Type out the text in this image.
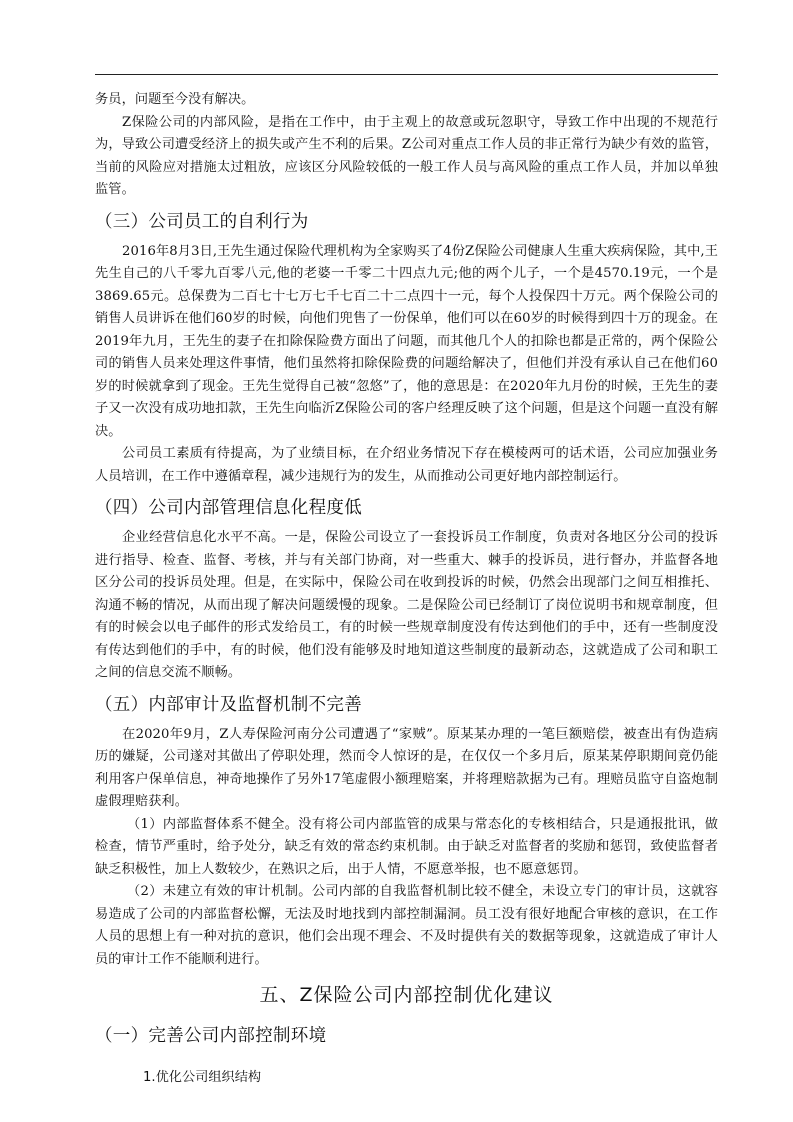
务员，问题至今没有解决。

Z保险公司的内部风险，是指在工作中，由于主观上的故意或玩忽职守，导致工作中出现的不规范行为，导致公司遭受经济上的损失或产生不利的后果。Z公司对重点工作人员的非正常行为缺少有效的监管，当前的风险应对措施太过粗放，应该区分风险较低的一般工作人员与高风险的重点工作人员，并加以单独监管。

（三）公司员工的自利行为

2016年8月3日,王先生通过保险代理机构为全家购买了4份Z保险公司健康人生重大疾病保险，其中,王先生自己的八千零九百零八元,他的老婆一千零二十四点九元;他的两个儿子，一个是4570.19元，一个是3869.65元。总保费为二百七十七万七千七百二十二点四十一元，每个人投保四十万元。两个保险公司的销售人员讲诉在他们60岁的时候，向他们兜售了一份保单，他们可以在60岁的时候得到四十万的现金。在2019年九月，王先生的妻子在扣除保险费方面出了问题，而其他几个人的扣除也都是正常的，两个保险公司的销售人员来处理这件事情，他们虽然将扣除保险费的问题给解决了，但他们并没有承认自己在他们60岁的时候就拿到了现金。王先生觉得自己被“忽悠”了，他的意思是：在2020年九月份的时候，王先生的妻子又一次没有成功地扣款，王先生向临沂Z保险公司的客户经理反映了这个问题，但是这个问题一直没有解决。

公司员工素质有待提高，为了业绩目标，在介绍业务情况下存在模棱两可的话术语，公司应加强业务人员培训，在工作中遵循章程，减少违规行为的发生，从而推动公司更好地内部控制运行。

（四）公司内部管理信息化程度低

企业经营信息化水平不高。一是，保险公司设立了一套投诉员工作制度，负责对各地区分公司的投诉进行指导、检查、监督、考核，并与有关部门协商，对一些重大、棘手的投诉员，进行督办，并监督各地区分公司的投诉员处理。但是，在实际中，保险公司在收到投诉的时候，仍然会出现部门之间互相推托、沟通不畅的情况，从而出现了解决问题缓慢的现象。二是保险公司已经制订了岗位说明书和规章制度，但有的时候会以电子邮件的形式发给员工，有的时候一些规章制度没有传达到他们的手中，还有一些制度没有传达到他们的手中，有的时候，他们没有能够及时地知道这些制度的最新动态，这就造成了公司和职工之间的信息交流不顺畅。

（五）内部审计及监督机制不完善

在2020年9月，Z人寿保险河南分公司遭遇了“家贼”。原某某办理的一笔巨额赔偿，被查出有伪造病历的嫌疑，公司遂对其做出了停职处理，然而令人惊讶的是，在仅仅一个多月后，原某某停职期间竟仍能利用客户保单信息，神奇地操作了另外17笔虚假小额理赔案，并将理赔款据为己有。理赔员监守自盗炮制虚假理赔获利。

（1）内部监督体系不健全。没有将公司内部监管的成果与常态化的专核相结合，只是通报批讯，做检查，情节严重时，给予处分，缺乏有效的常态约束机制。由于缺乏对监督者的奖励和惩罚，致使监督者缺乏积极性，加上人数较少，在熟识之后，出于人情，不愿意举报，也不愿意惩罚。

（2）未建立有效的审计机制。公司内部的自我监督机制比较不健全，未设立专门的审计员，这就容易造成了公司的内部监督松懈，无法及时地找到内部控制漏洞。员工没有很好地配合审核的意识，在工作人员的思想上有一种对抗的意识，他们会出现不理会、不及时提供有关的数据等现象，这就造成了审计人员的审计工作不能顺利进行。

五、Z保险公司内部控制优化建议
（一）完善公司内部控制环境
1.优化公司组织结构
